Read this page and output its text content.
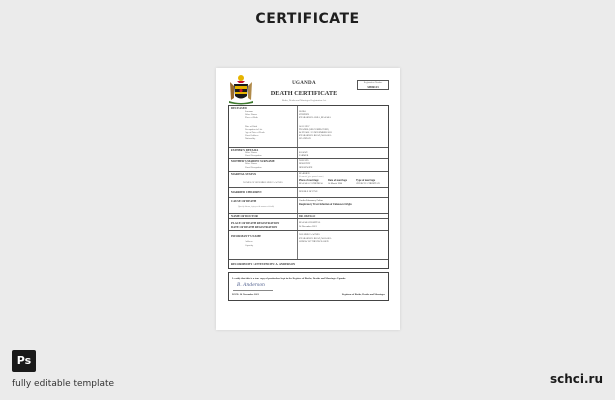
CERTIFICATE
UGANDA
DEATH CERTIFICATE
Births, Deaths and Marriages Registration Act
Registration Number
SB06123
DECEASED
Surname	OLIBA
Other Names	STEPHEN
Place of Birth	KYABAKUZA AREA, MASAKA
Date of Birth	14/11/1957
Occupation in Life	TRADER (SELF EMPLOYED)
Age at Date of Death	64 YEARS / 23 NOVEMBER 2021
Usual Address	KYABAKUZA ROAD, MASAKA
Nationality	UGANDAN
FATHER'S DETAILS
Other Names	KASOZI
Usual Occupation	FARMER
MOTHER'S MAIDEN SURNAME	NAKATO
Other Names	DOROTHY
Usual Occupation	HOUSEWIFE
MARITAL STATUS	MARRIED
(If married, give spouse's name)
NAMES OF SPOUSE
NALUBEGA AGNES
Place of marriage
MASAKA CATHEDRAL
Date of marriage
14 March 1980
Type of marriage
CHURCH / CHRISTIAN
MARRIED CHILDREN	DOUBLE OF FIVE
CAUSE OF DEATH	Cardio-Pulmonary Failure
Respiratory Tract Infection of Unknown Origin
(Specify disease, injury or the manner of death)
NAME OF DOCTOR	DR. OKELLO
PLACE OF DEATH REGISTRATION	MASAKA HOSPITAL
DATE OF DEATH REGISTRATION	24 November 2021
INFORMANT'S NAME	NALUBEGA AGNES
Address
KYABAKUZA ROAD, MASAKA
Capacity
WIDOW OF THE DECEASED
RECORDED BY / ATTESTED BY: A. ANDERSON
I certify that this is a true copy of particulars kept in the Register of Births, Deaths and Marriages Uganda
B. Anderson
DATE: 24 November 2021	Registrar of Births, Deaths and Marriages
Ps
fully editable template	schci.ru
